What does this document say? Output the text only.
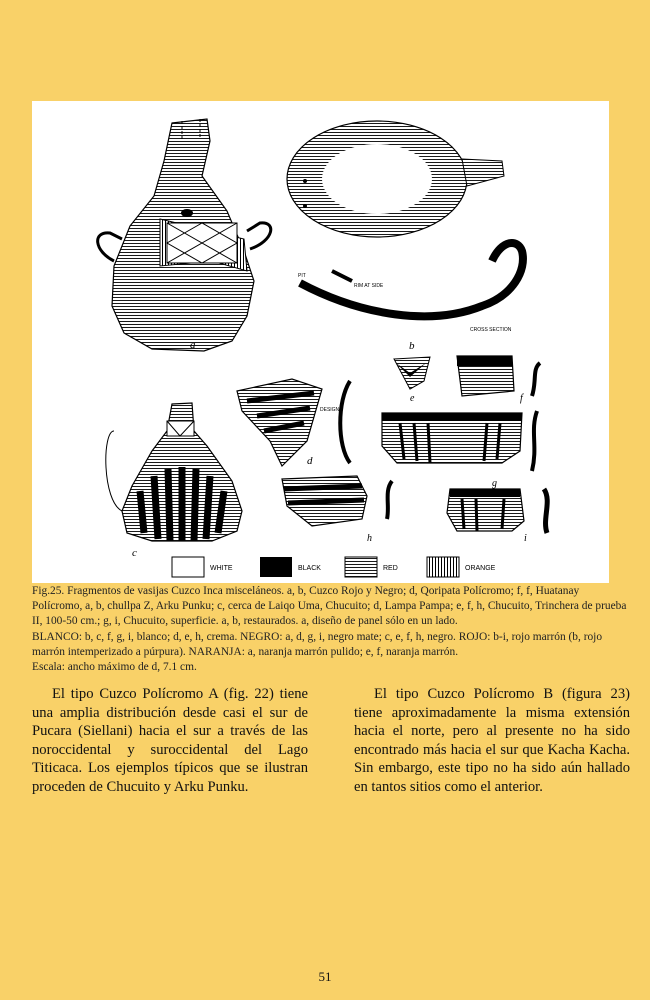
a
PIT
RIM AT SIDE
CROSS SECTION
b
c
d
e	f
g
h	i
DESIGN
WHITE	BLACK	RED	ORANGE

Fig.25. Fragmentos de vasijas Cuzco Inca misceláneos. a, b, Cuzco Rojo y Negro; d, Qoripata Polícromo; f, f, Huatanay Polícromo, a, b, chullpa Z, Arku Punku; c, cerca de Laiqo Uma, Chucuito; d, Lampa Pampa; e, f, h, Chucuito, Trinchera de prueba II, 100-50 cm.; g, i, Chucuito, superficie. a, b, restaurados. a, diseño de panel sólo en un lado.

BLANCO: b, c, f, g, i, blanco; d, e, h, crema. NEGRO: a, d, g, i, negro mate; c, e, f, h, negro. ROJO: b-i, rojo marrón (b, rojo marrón intemperizado a púrpura). NARANJA: a, naranja marrón pulido; e, f, naranja marrón.

Escala: ancho máximo de d, 7.1 cm.

El tipo Cuzco Polícromo A (fig. 22) tiene una amplia distribución desde casi el sur de Pucara (Siellani) hacia el sur a través de las noroccidental y suroccidental del Lago Titicaca. Los ejemplos típicos que se ilustran proceden de Chucuito y Arku Punku.

El tipo Cuzco Polícromo B (figura 23) tiene aproximadamente la misma extensión hacia el norte, pero al presente no ha sido encontrado más hacia el sur que Kacha Kacha. Sin embargo, este tipo no ha sido aún hallado en tantos sitios como el anterior.

51
